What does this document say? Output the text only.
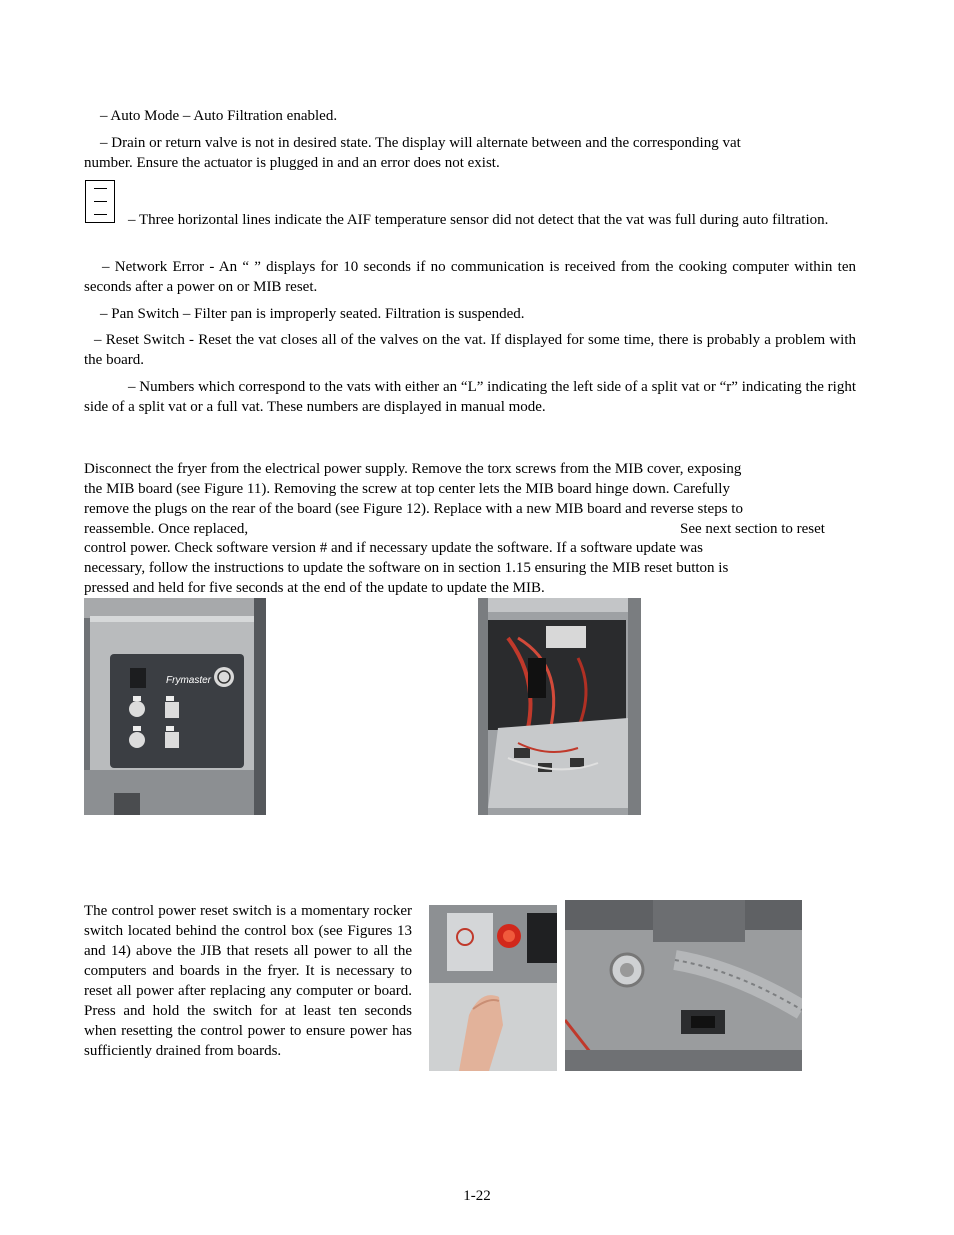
– Auto Mode – Auto Filtration enabled.

– Drain or return valve is not in desired state. The display will alternate between and the corresponding vat
number. Ensure the actuator is plugged in and an error does not exist.

– Three horizontal lines indicate the AIF temperature sensor did not detect that the vat was full during auto filtration.

– Network Error - An “ ” displays for 10 seconds if no communication is received from the cooking computer within ten seconds after a power on or MIB reset.

– Pan Switch – Filter pan is improperly seated. Filtration is suspended.

– Reset Switch - Reset the vat closes all of the valves on the vat. If displayed for some time, there is probably a problem with the board.

– Numbers which correspond to the vats with either an “L” indicating the left side of a split vat or “r” indicating the right side of a split vat or a full vat. These numbers are displayed in manual mode.

Disconnect the fryer from the electrical power supply. Remove the torx screws from the MIB cover, exposing

the MIB board (see Figure 11). Removing the screw at top center lets the MIB board hinge down. Carefully

remove the plugs on the rear of the board (see Figure 12). Replace with a new MIB board and reverse steps to

reassemble. Once replaced,	See next section to reset

control power. Check software version # and if necessary update the software. If a software update was

necessary, follow the instructions to update the software on in section 1.15 ensuring the MIB reset button is

pressed and held for five seconds at the end of the update to update the MIB.

Frymaster

The control power reset switch is a momentary rocker switch located behind the control box (see Figures 13 and 14) above the JIB that resets all power to all the computers and boards in the fryer. It is necessary to reset all power after replacing any computer or board. Press and hold the switch for at least ten seconds when resetting the control power to ensure power has sufficiently drained from boards.

1-22
